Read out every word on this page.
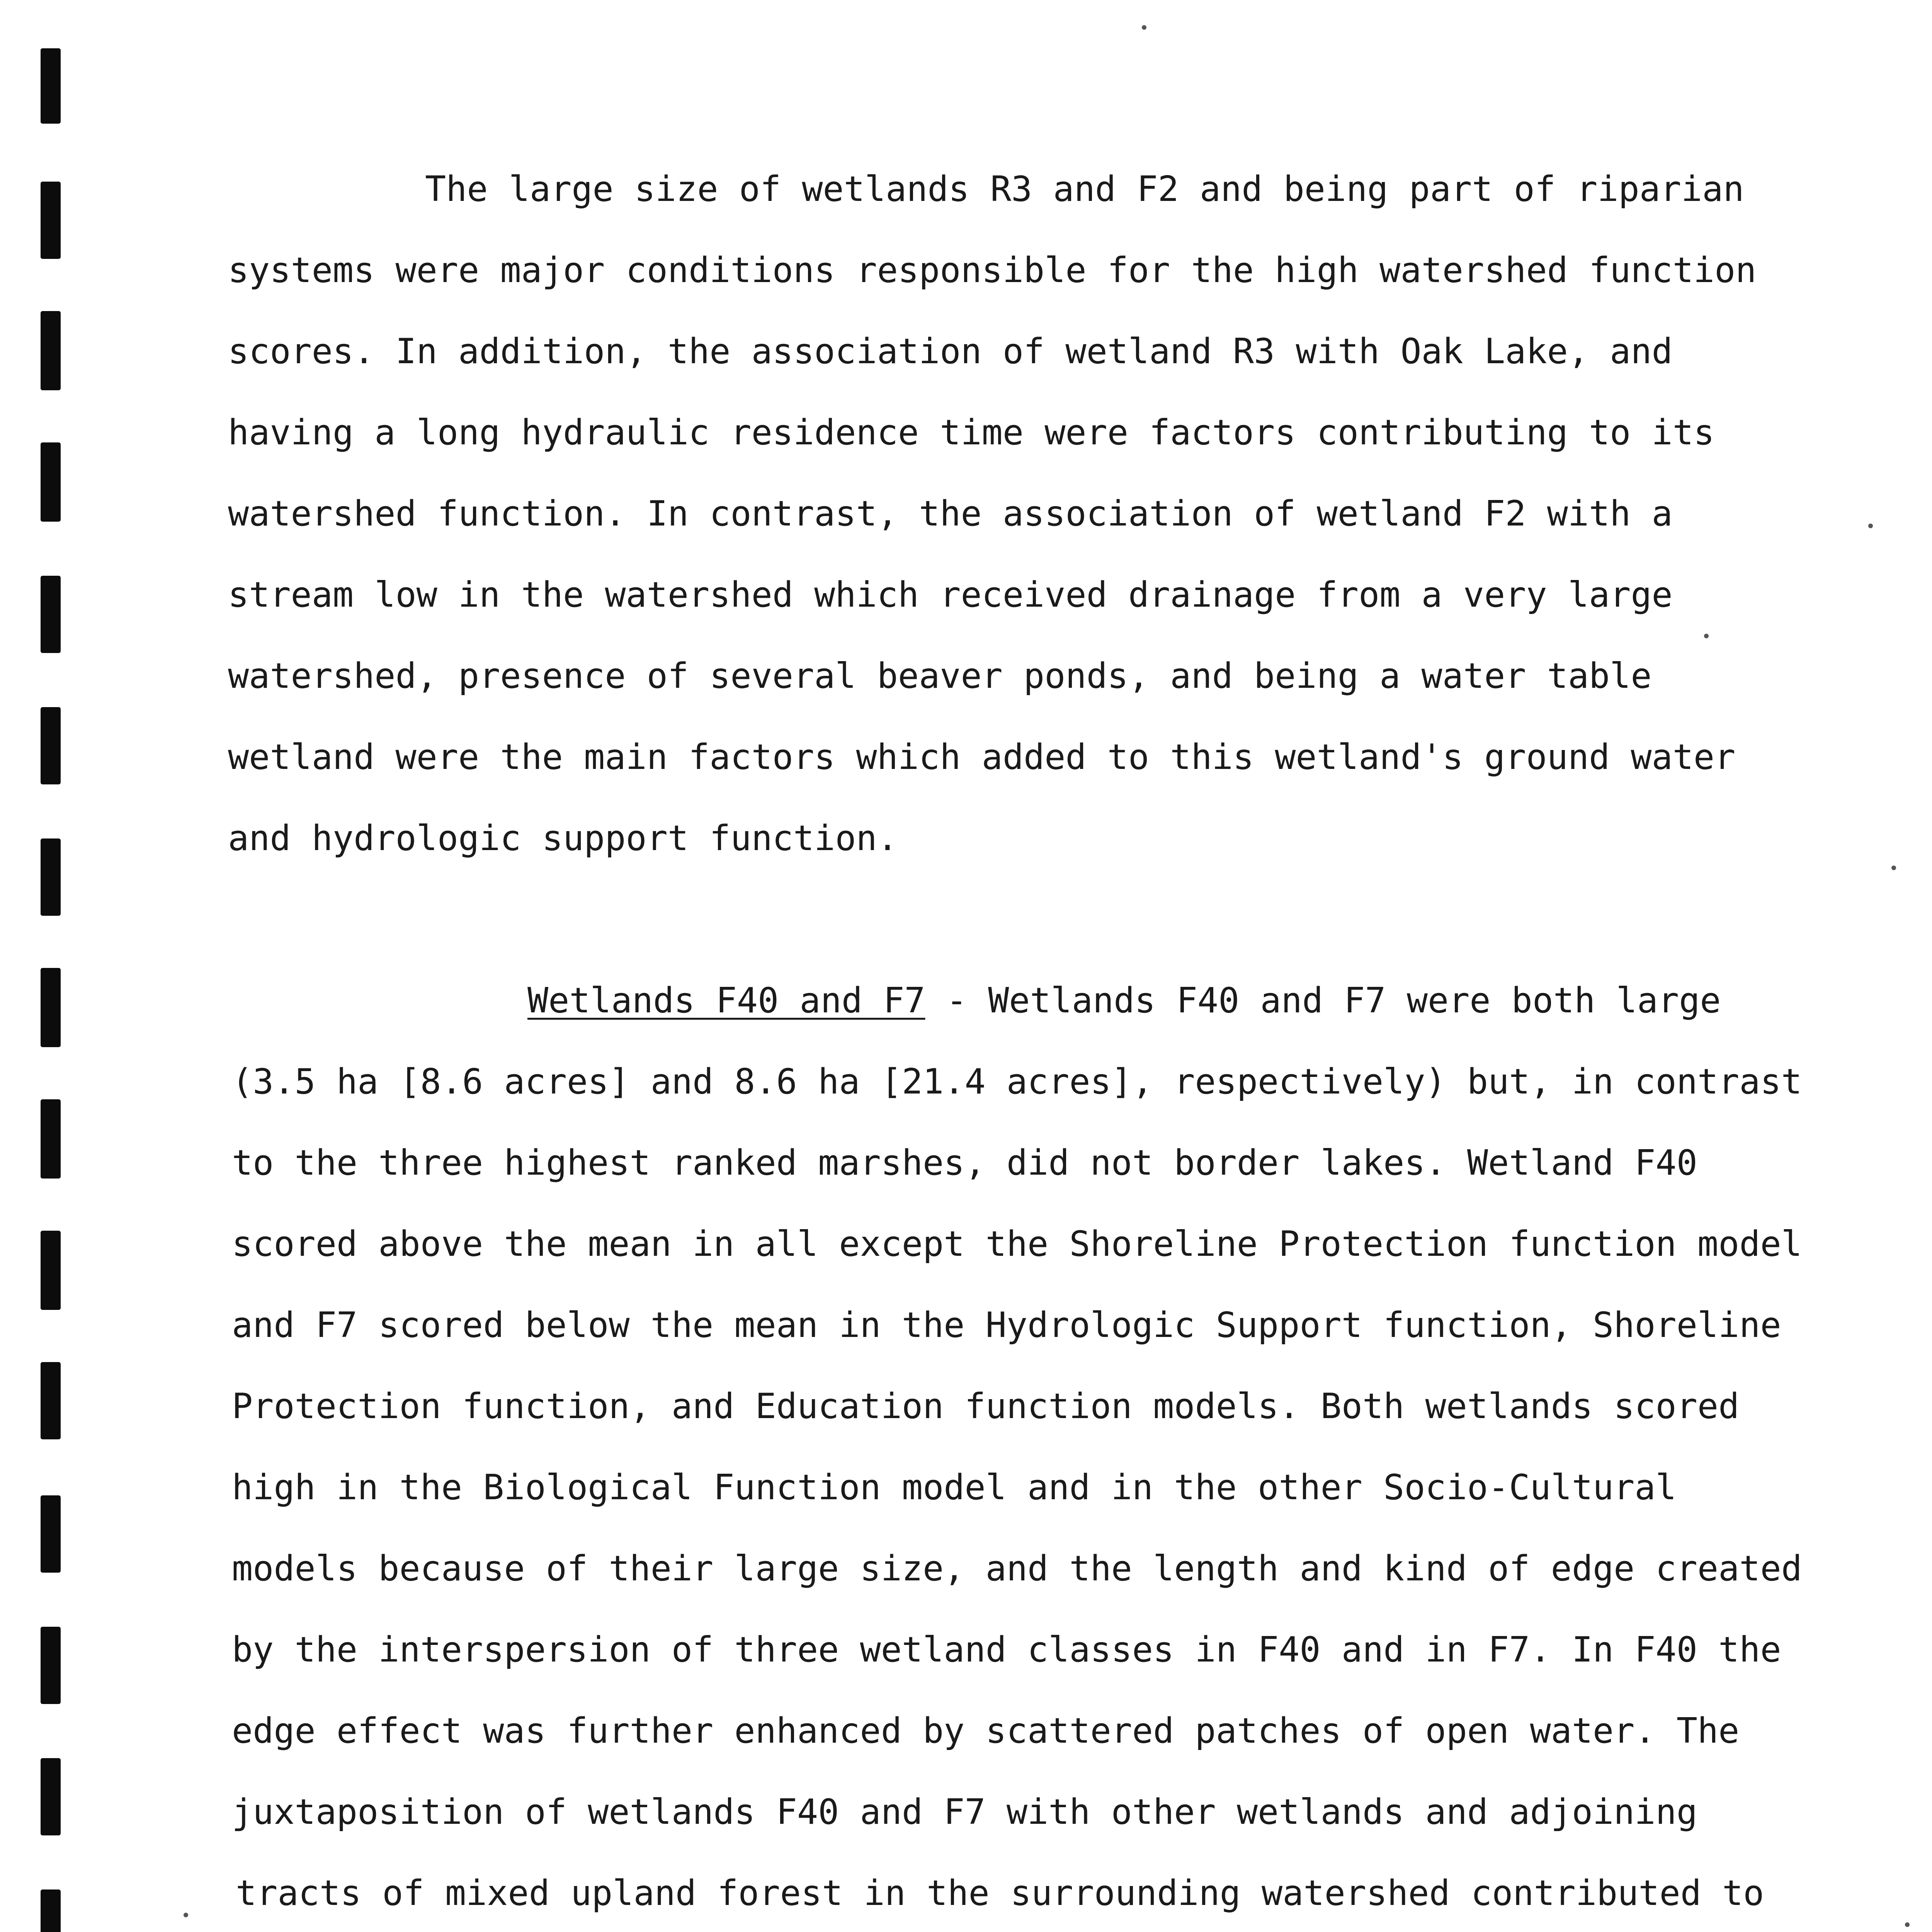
The large size of wetlands R3 and F2 and being part of riparian

systems were major conditions responsible for the high watershed function

scores. In addition, the association of wetland R3 with Oak Lake, and

having a long hydraulic residence time were factors contributing to its

watershed function. In contrast, the association of wetland F2 with a

stream low in the watershed which received drainage from a very large

watershed, presence of several beaver ponds, and being a water table

wetland were the main factors which added to this wetland's ground water

and hydrologic support function.

Wetlands F40 and F7 - Wetlands F40 and F7 were both large

(3.5 ha [8.6 acres] and 8.6 ha [21.4 acres], respectively) but, in contrast

to the three highest ranked marshes, did not border lakes. Wetland F40

scored above the mean in all except the Shoreline Protection function model

and F7 scored below the mean in the Hydrologic Support function, Shoreline

Protection function, and Education function models. Both wetlands scored

high in the Biological Function model and in the other Socio-Cultural

models because of their large size, and the length and kind of edge created

by the interspersion of three wetland classes in F40 and in F7. In F40 the

edge effect was further enhanced by scattered patches of open water. The

juxtaposition of wetlands F40 and F7 with other wetlands and adjoining

tracts of mixed upland forest in the surrounding watershed contributed to
